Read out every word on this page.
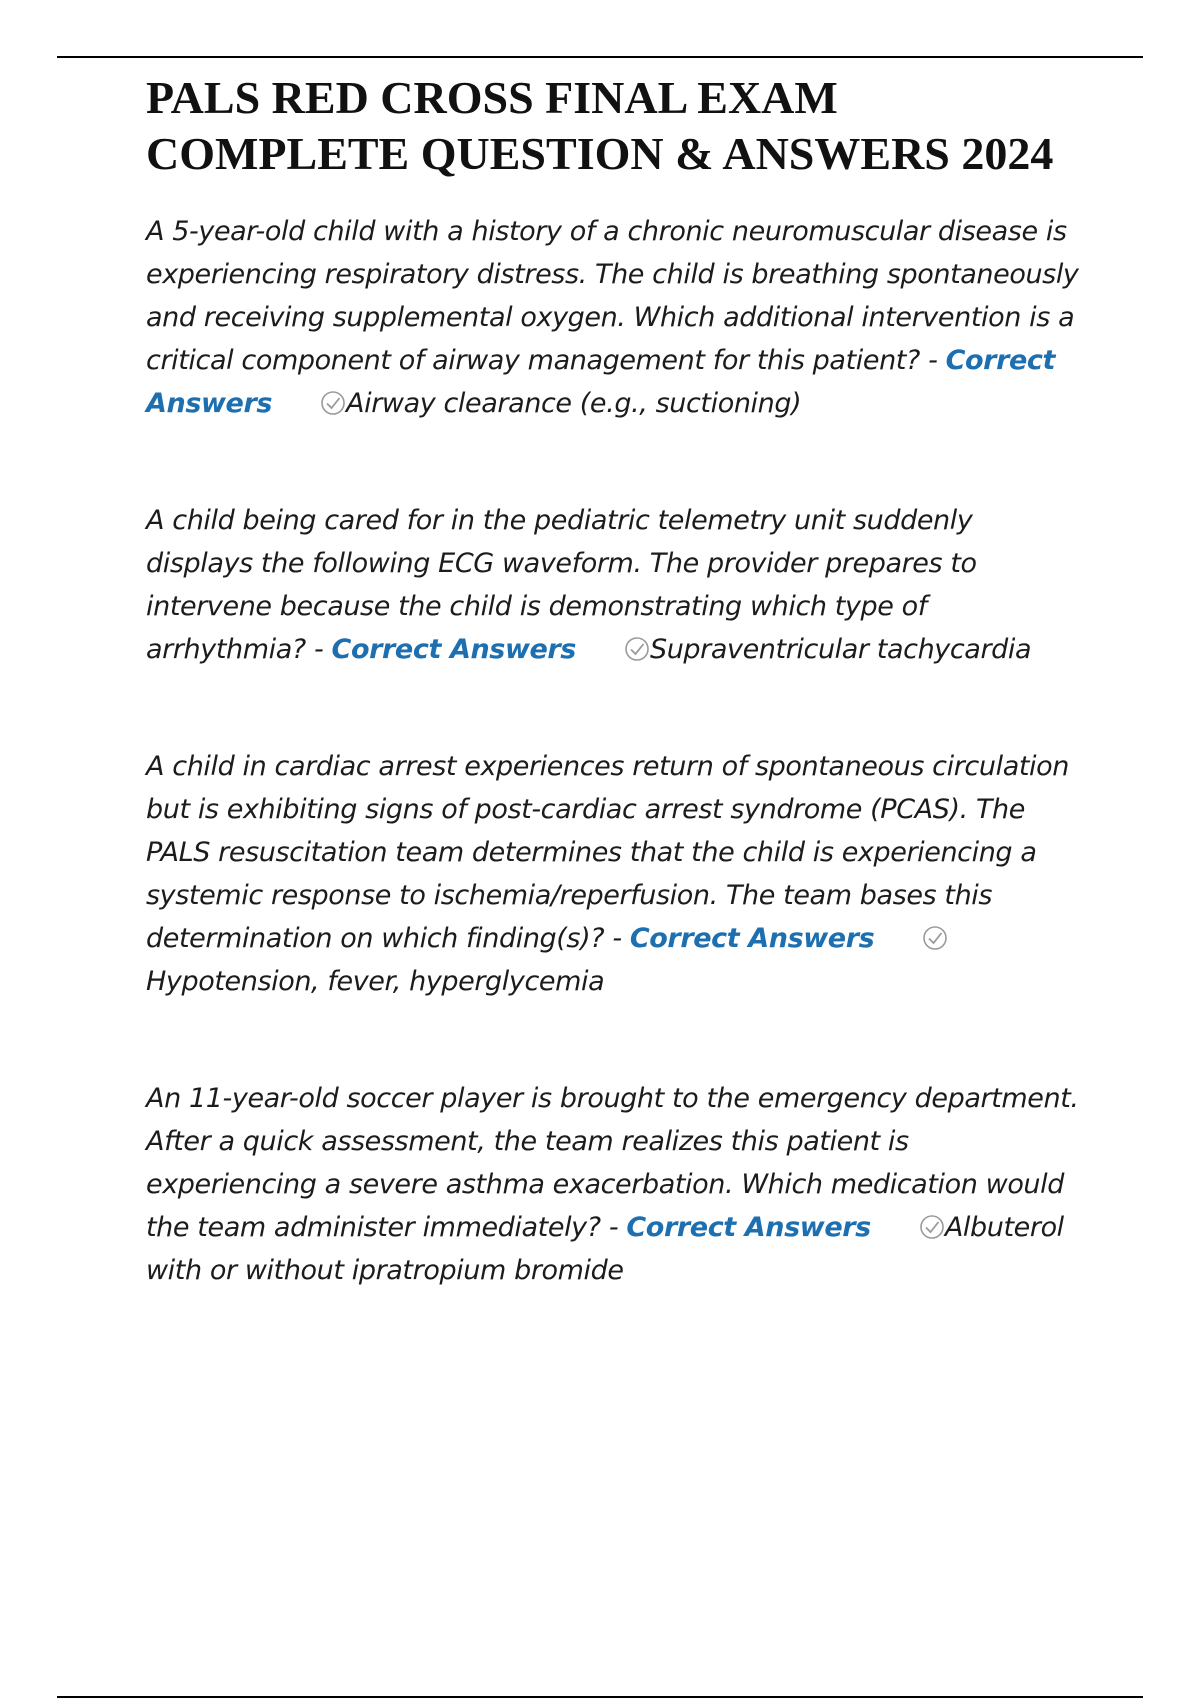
PALS RED CROSS FINAL EXAM COMPLETE QUESTION & ANSWERS 2024

A 5-year-old child with a history of a chronic neuromuscular disease is experiencing respiratory distress. The child is breathing spontaneously and receiving supplemental oxygen. Which additional intervention is a critical component of airway management for this patient? - Correct Answers	Airway clearance (e.g., suctioning)

A child being cared for in the pediatric telemetry unit suddenly displays the following ECG waveform. The provider prepares to intervene because the child is demonstrating which type of arrhythmia? - Correct Answers	Supraventricular tachycardia

A child in cardiac arrest experiences return of spontaneous circulation but is exhibiting signs of post-cardiac arrest syndrome (PCAS). The PALS resuscitation team determines that the child is experiencing a systemic response to ischemia/reperfusion. The team bases this determination on which finding(s)? - Correct AnswersHypotension, fever, hyperglycemia

An 11-year-old soccer player is brought to the emergency department. After a quick assessment, the team realizes this patient is experiencing a severe asthma exacerbation. Which medication would the team administer immediately? - Correct Answers	Albuterol with or without ipratropium bromide
